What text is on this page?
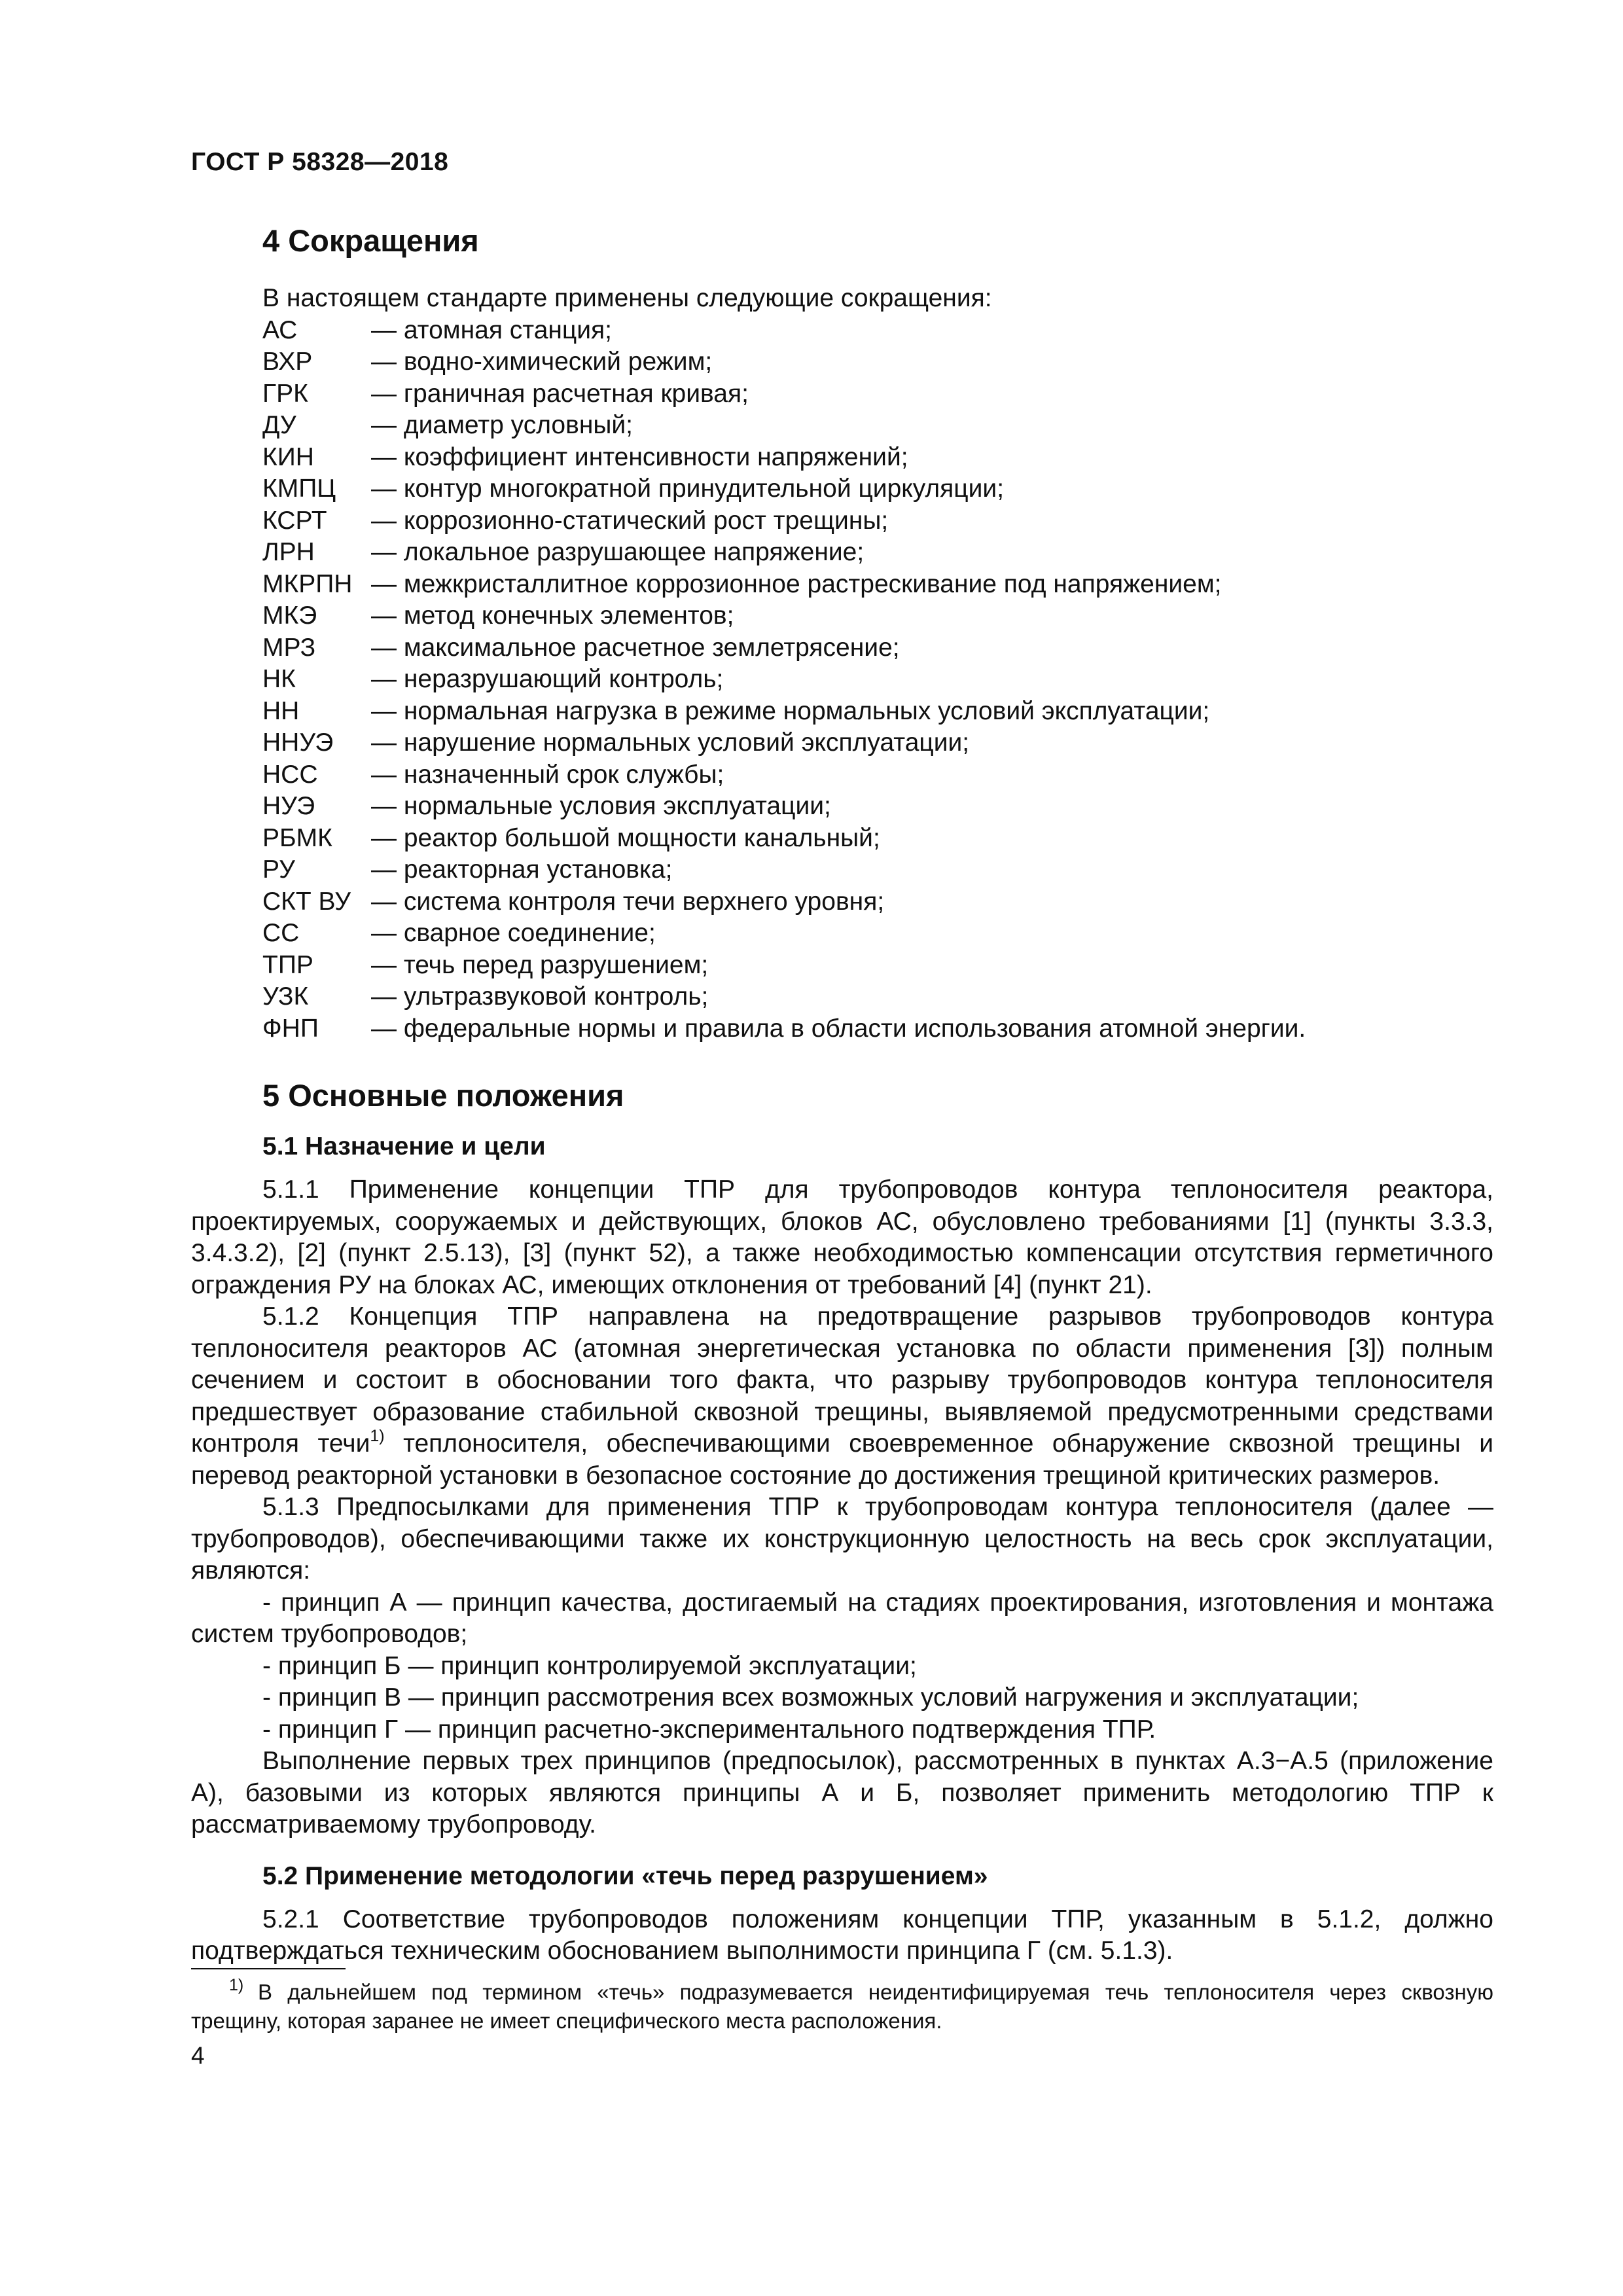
ГОСТ Р 58328—2018
4 Сокращения

В настоящем стандарте применены следующие сокращения:

АС	— атомная станция;
ВХР	— водно-химический режим;
ГРК	— граничная расчетная кривая;
ДУ	— диаметр условный;
КИН	— коэффициент интенсивности напряжений;
КМПЦ	— контур многократной принудительной циркуляции;
КСРТ	— коррозионно-статический рост трещины;
ЛРН	— локальное разрушающее напряжение;
МКРПН — межкристаллитное коррозионное растрескивание под напряжением;
МКЭ	— метод конечных элементов;
МРЗ	— максимальное расчетное землетрясение;
НК	— неразрушающий контроль;
НН	— нормальная нагрузка в режиме нормальных условий эксплуатации;
ННУЭ	— нарушение нормальных условий эксплуатации;
НСС	— назначенный срок службы;
НУЭ	— нормальные условия эксплуатации;
РБМК	— реактор большой мощности канальный;
РУ	— реакторная установка;
СКТ ВУ — система контроля течи верхнего уровня;
СС	— сварное соединение;
ТПР	— течь перед разрушением;
УЗК	— ультразвуковой контроль;
ФНП	— федеральные нормы и правила в области использования атомной энергии.
5 Основные положения
5.1 Назначение и цели

5.1.1 Применение концепции ТПР для трубопроводов контура теплоносителя реактора, проектируемых, сооружаемых и действующих, блоков АС, обусловлено требованиями [1] (пункты 3.3.3, 3.4.3.2), [2] (пункт 2.5.13), [3] (пункт 52), а также необходимостью компенсации отсутствия герметичного ограждения РУ на блоках АС, имеющих отклонения от требований [4] (пункт 21).

5.1.2 Концепция ТПР направлена на предотвращение разрывов трубопроводов контура теплоносителя реакторов АС (атомная энергетическая установка по области применения [3]) полным сечением и состоит в обосновании того факта, что разрыву трубопроводов контура теплоносителя предшествует образование стабильной сквозной трещины, выявляемой предусмотренными средствами контроля течи$^{1)}$ теплоносителя, обеспечивающими своевременное обнаружение сквозной трещины и перевод реакторной установки в безопасное состояние до достижения трещиной критических размеров.

5.1.3 Предпосылками для применения ТПР к трубопроводам контура теплоносителя (далее — трубопроводов), обеспечивающими также их конструкционную целостность на весь срок эксплуатации, являются:

- принцип А — принцип качества, достигаемый на стадиях проектирования, изготовления и монтажа систем трубопроводов;

- принцип Б — принцип контролируемой эксплуатации;

- принцип В — принцип рассмотрения всех возможных условий нагружения и эксплуатации;

- принцип Г — принцип расчетно-экспериментального подтверждения ТПР.

Выполнение первых трех принципов (предпосылок), рассмотренных в пунктах А.3−А.5 (приложение А), базовыми из которых являются принципы А и Б, позволяет применить методологию ТПР к рассматриваемому трубопроводу.

5.2 Применение методологии «течь перед разрушением»

5.2.1 Соответствие трубопроводов положениям концепции ТПР, указанным в 5.1.2, должно подтверждаться техническим обоснованием выполнимости принципа Г (см. 5.1.3).

1) В дальнейшем под термином «течь» подразумевается неидентифицируемая течь теплоносителя через сквозную трещину, которая заранее не имеет специфического места расположения.
4
